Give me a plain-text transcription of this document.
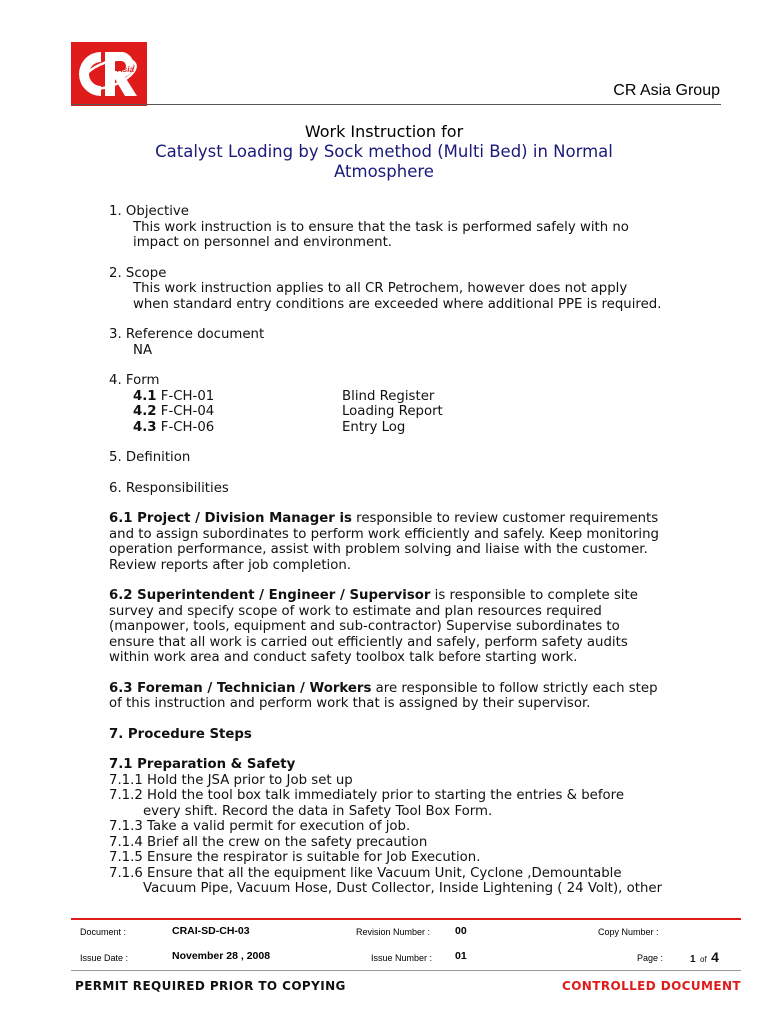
Asia
CR Asia Group
Work Instruction for
Catalyst Loading by Sock method (Multi Bed) in Normal
Atmosphere

1. Objective

This work instruction is to ensure that the task is performed safely with no

impact on personnel and environment.

2. Scope

This work instruction applies to all CR Petrochem, however does not apply

when standard entry conditions are exceeded where additional PPE is required.

3. Reference document

NA

4. Form

4.1 F-CH-01	Blind Register
4.2 F-CH-04	Loading Report
4.3 F-CH-06	Entry Log

5. Definition

6. Responsibilities

6.1 Project / Division Manager is responsible to review customer requirements

and to assign subordinates to perform work efficiently and safely. Keep monitoring

operation performance, assist with problem solving and liaise with the customer.

Review reports after job completion.

6.2 Superintendent / Engineer / Supervisor is responsible to complete site

survey and specify scope of work to estimate and plan resources required

(manpower, tools, equipment and sub-contractor) Supervise subordinates to

ensure that all work is carried out efficiently and safely, perform safety audits

within work area and conduct safety toolbox talk before starting work.

6.3 Foreman / Technician / Workers are responsible to follow strictly each step

of this instruction and perform work that is assigned by their supervisor.

7. Procedure Steps

7.1 Preparation & Safety

7.1.1 Hold the JSA prior to Job set up

7.1.2 Hold the tool box talk immediately prior to starting the entries & before

every shift. Record the data in Safety Tool Box Form.

7.1.3 Take a valid permit for execution of job.

7.1.4 Brief all the crew on the safety precaution

7.1.5 Ensure the respirator is suitable for Job Execution.

7.1.6 Ensure that all the equipment like Vacuum Unit, Cyclone ,Demountable

Vacuum Pipe, Vacuum Hose, Dust Collector, Inside Lightening ( 24 Volt), other

Document :	CRAI-SD-CH-03	Revision Number : 00	Copy Number :
Issue Date :	November 28 , 2008	Issue Number : 01	Page :	1 of 4
PERMIT REQUIRED PRIOR TO COPYING	CONTROLLED DOCUMENT
